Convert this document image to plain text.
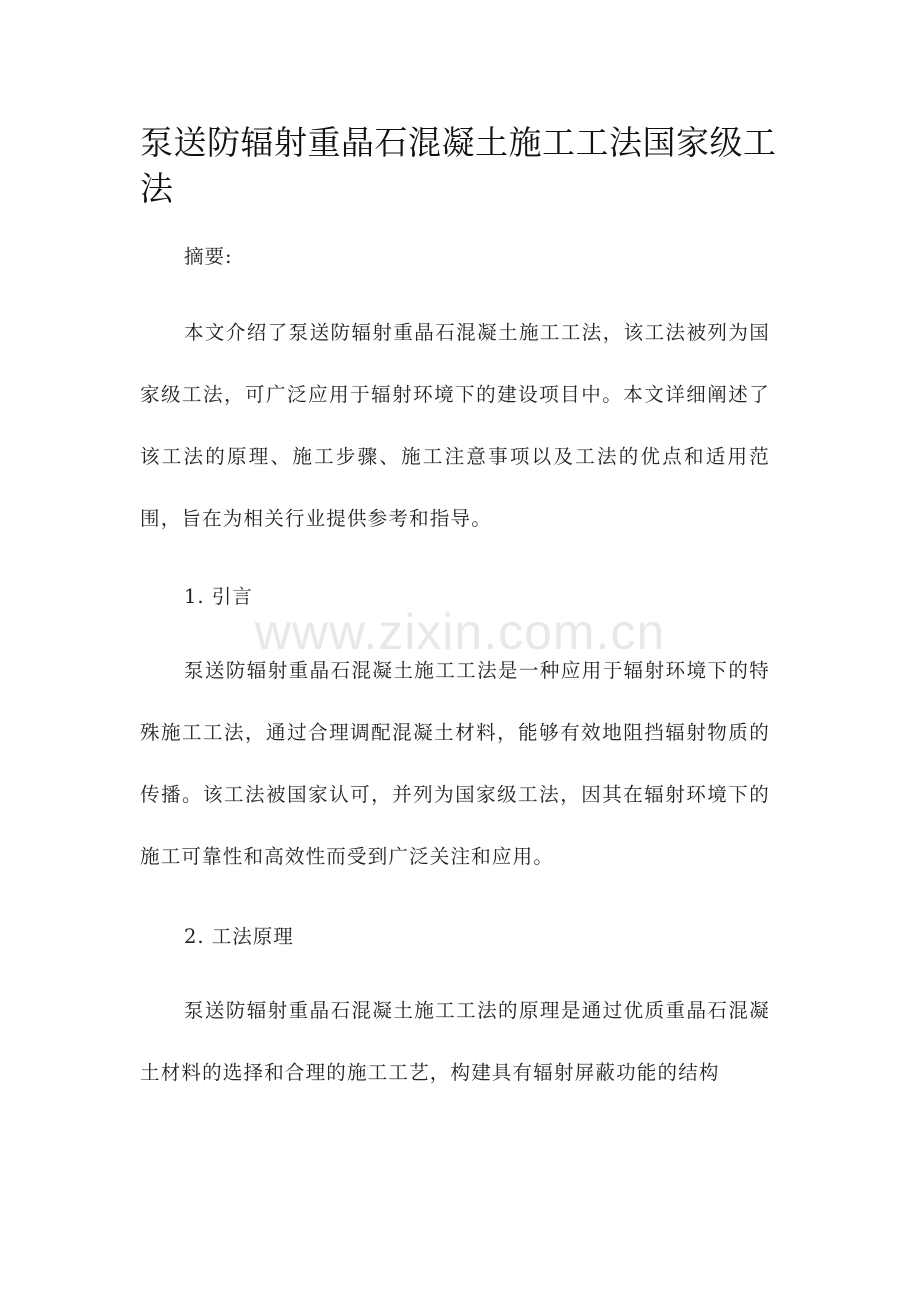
泵送防辐射重晶石混凝土施工工法国家级工法

摘要:

本文介绍了泵送防辐射重晶石混凝土施工工法，该工法被列为国家级工法，可广泛应用于辐射环境下的建设项目中。本文详细阐述了该工法的原理、施工步骤、施工注意事项以及工法的优点和适用范围，旨在为相关行业提供参考和指导。

1. 引言

泵送防辐射重晶石混凝土施工工法是一种应用于辐射环境下的特殊施工工法，通过合理调配混凝土材料，能够有效地阻挡辐射物质的传播。该工法被国家认可，并列为国家级工法，因其在辐射环境下的施工可靠性和高效性而受到广泛关注和应用。

2. 工法原理

泵送防辐射重晶石混凝土施工工法的原理是通过优质重晶石混凝土材料的选择和合理的施工工艺，构建具有辐射屏蔽功能的结构

www.zixin.com.cn
